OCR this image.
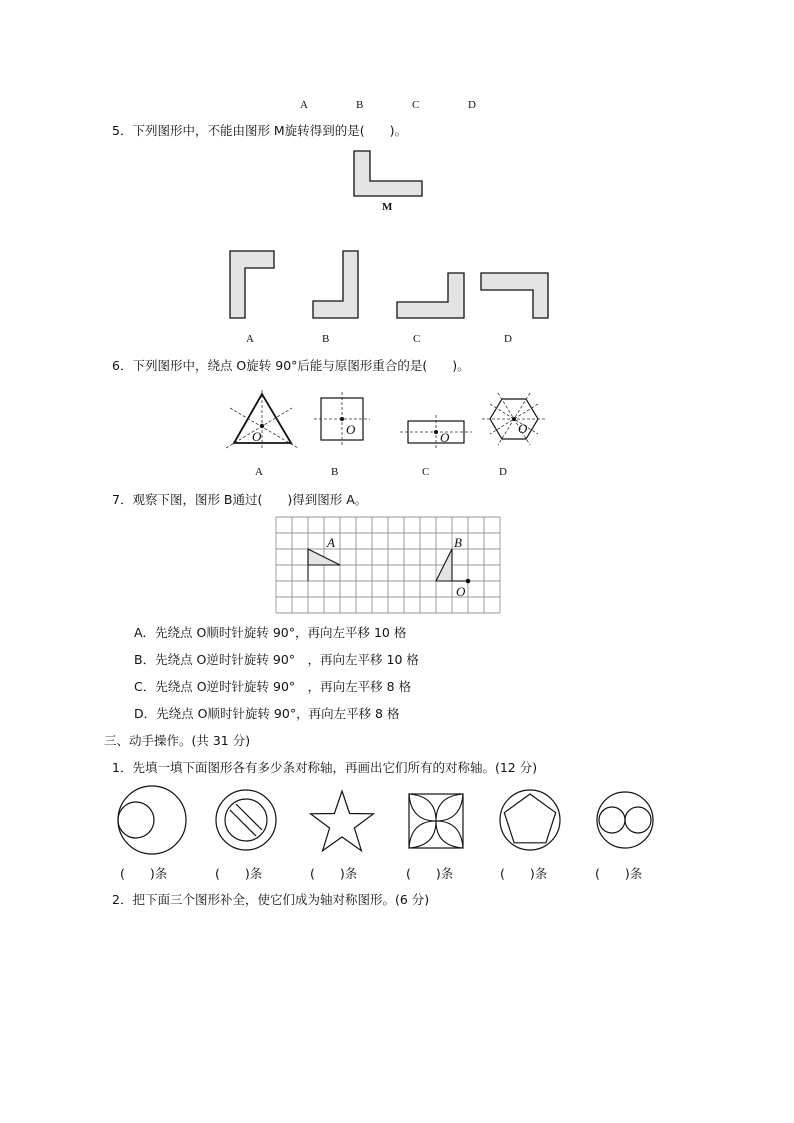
A	B	C	D
5．下列图形中，不能由图形 M旋转得到的是(　　)。
M
A	B	C	D
6．下列图形中，绕点 O旋转 90°后能与原图形重合的是(　　)。
O	O
O
O
A	B	C	D
7．观察下图，图形 B通过(　　)得到图形 A。
A	B
O
A．先绕点 O顺时针旋转 90°，再向左平移 10 格
B．先绕点 O逆时针旋转 90°　，再向左平移 10 格
C．先绕点 O逆时针旋转 90°　，再向左平移 8 格
D．先绕点 O顺时针旋转 90°，再向左平移 8 格
三、动手操作。(共 31 分)
1．先填一填下面图形各有多少条对称轴，再画出它们所有的对称轴。(12 分)
(　　)条	(　　)条	(　　)条	(　　)条	(　　)条	(　　)条
2．把下面三个图形补全，使它们成为轴对称图形。(6 分)
